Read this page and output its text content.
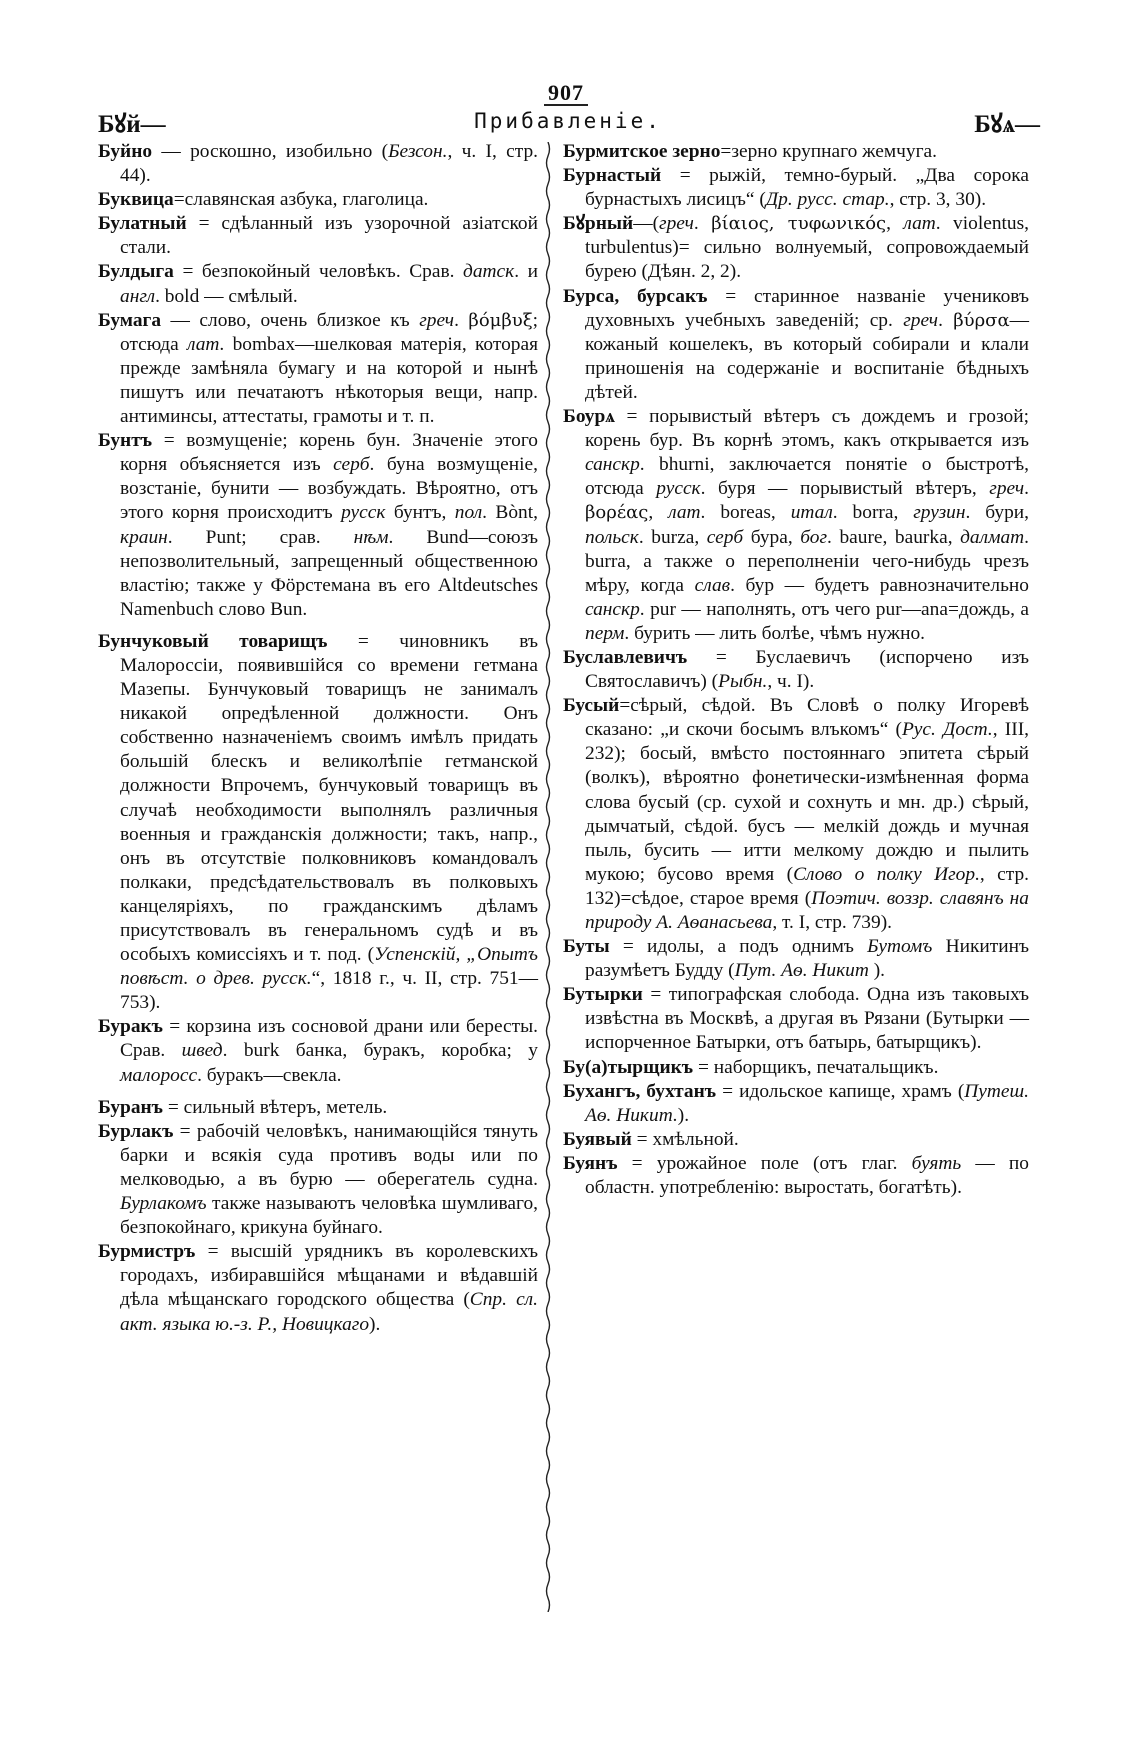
907
Бꙋй—	Прибавленіе.	Бꙋѧ—

Буйно — роскошно, изобильно (Безсон., ч. I, стр. 44).

Буквица=славянская азбука, глаголица.

Булатный = сдѣланный изъ узорочной азіатской стали.

Булдыга = безпокойный человѣкъ. Срав. датск. и англ. bold — смѣлый.

Бумага — слово, очень близкое къ греч. βόμβυξ; отсюда лат. bombax—шелковая матерія, которая прежде замѣняла бумагу и на которой и нынѣ пишутъ или печатаютъ нѣкоторыя вещи, напр. антиминсы, аттестаты, грамоты и т. п.

Бунтъ = возмущеніе; корень бун. Значеніе этого корня объясняется изъ серб. буна возмущеніе, возстаніе, бунити — возбуждать. Вѣроятно, отъ этого корня происходитъ русск бунтъ, пол. Bònt, краин. Punt; срав. нѣм. Bund—союзъ непозволительный, запрещенный общественною властію; также у Фӧрстемана въ его Altdeutsches Namenbuch слово Bun.

Бунчуковый товарищъ = чиновникъ въ Малороссіи, появившійся со времени гетмана Мазепы. Бунчуковый товарищъ не занималъ никакой опредѣленной должности. Онъ собственно назначеніемъ своимъ имѣлъ придать большій блескъ и великолѣпіе гетманской должности Впрочемъ, бунчуковый товарищъ въ случаѣ необходимости выполнялъ различныя военныя и гражданскія должности; такъ, напр., онъ въ отсутствіе полковниковъ командовалъ полкаки, предсѣдательствовалъ въ полковыхъ канцеляріяхъ, по гражданскимъ дѣламъ присутствовалъ въ генеральномъ судѣ и въ особыхъ комиссіяхъ и т. под. (Успенскій, „Опытъ повѣст. о древ. русск.“, 1818 г., ч. II, стр. 751—753).

Буракъ = корзина изъ сосновой драни или бересты. Срав. швед. burk банка, буракъ, коробка; у малоросс. буракъ—свекла.

Буранъ = сильный вѣтеръ, метель.

Бурлакъ = рабочій человѣкъ, нанимающійся тянуть барки и всякія суда противъ воды или по мелководью, а въ бурю — оберегатель судна. Бурлакомъ также называютъ человѣка шумливаго, безпокойнаго, крикуна буйнаго.

Бурмистръ = высшій урядникъ въ королевскихъ городахъ, избиравшійся мѣщанами и вѣдавшій дѣла мѣщанскаго городского общества (Спр. сл. акт. языка ю.-з. Р., Новицкаго).

Бурмитское зерно=зерно крупнаго жемчуга.

Бурнастый = рыжій, темно-бурый. „Два сорока бурнастыхъ лисицъ“ (Др. русс. стар., стр. 3, 30).

Бꙋрный—(греч. βίαιος, τυφωνικός, лат. violentus, turbulentus)= сильно волнуемый, сопровождаемый бурею (Дѣян. 2, 2).

Бурса, бурсакъ = старинное названіе учениковъ духовныхъ учебныхъ заведеній; ср. греч. βύρσα—кожаный кошелекъ, въ который собирали и клали приношенія на содержаніе и воспитаніе бѣдныхъ дѣтей.

Боурѧ = порывистый вѣтеръ съ дождемъ и грозой; корень бур. Въ корнѣ этомъ, какъ открывается изъ санскр. bhurni, заключается понятіе о быстротѣ, отсюда русск. буря — порывистый вѣтеръ, греч. βορέας, лат. boreas, итал. borra, грузин. бури, польск. burza, серб бура, бог. baure, baurka, далмат. burra, а также о переполненіи чего-нибудь чрезъ мѣру, когда слав. бур — будетъ равнозначительно санскр. pur — наполнять, отъ чего pur—ana=дождь, а перм. бурить — лить болѣе, чѣмъ нужно.

Буславлевичъ = Буслаевичъ (испорчено изъ Святославичъ) (Рыбн., ч. I).

Бусый=сѣрый, сѣдой. Въ Словѣ о полку Игоревѣ сказано: „и скочи босымъ влъкомъ“ (Рус. Дост., III, 232); босый, вмѣсто постояннаго эпитета сѣрый (волкъ), вѣроятно фонетически-измѣненная форма слова бусый (ср. сухой и сохнуть и мн. др.) сѣрый, дымчатый, сѣдой. бусъ — мелкій дождь и мучная пыль, бусить — итти мелкому дождю и пылить мукою; бусово время (Слово о полку Игор., стр. 132)=сѣдое, старое время (Поэтич. воззр. славянъ на природу А. Аѳанасьева, т. I, стр. 739).

Буты = идолы, а подъ однимъ Бутомъ Никитинъ разумѣетъ Будду (Пут. Аѳ. Никит ).

Бутырки = типографская слобода. Одна изъ таковыхъ извѣстна въ Москвѣ, а другая въ Рязани (Бутырки — испорченное Батырки, отъ батырь, батырщикъ).

Бу(а)тырщикъ = наборщикъ, печатальщикъ.

Бухангъ, бухтанъ = идольское капище, храмъ (Путеш. Аѳ. Никит.).

Буявый = хмѣльной.

Буянъ = урожайное поле (отъ глаг. буять — по областн. употребленію: выростать, богатѣть).
